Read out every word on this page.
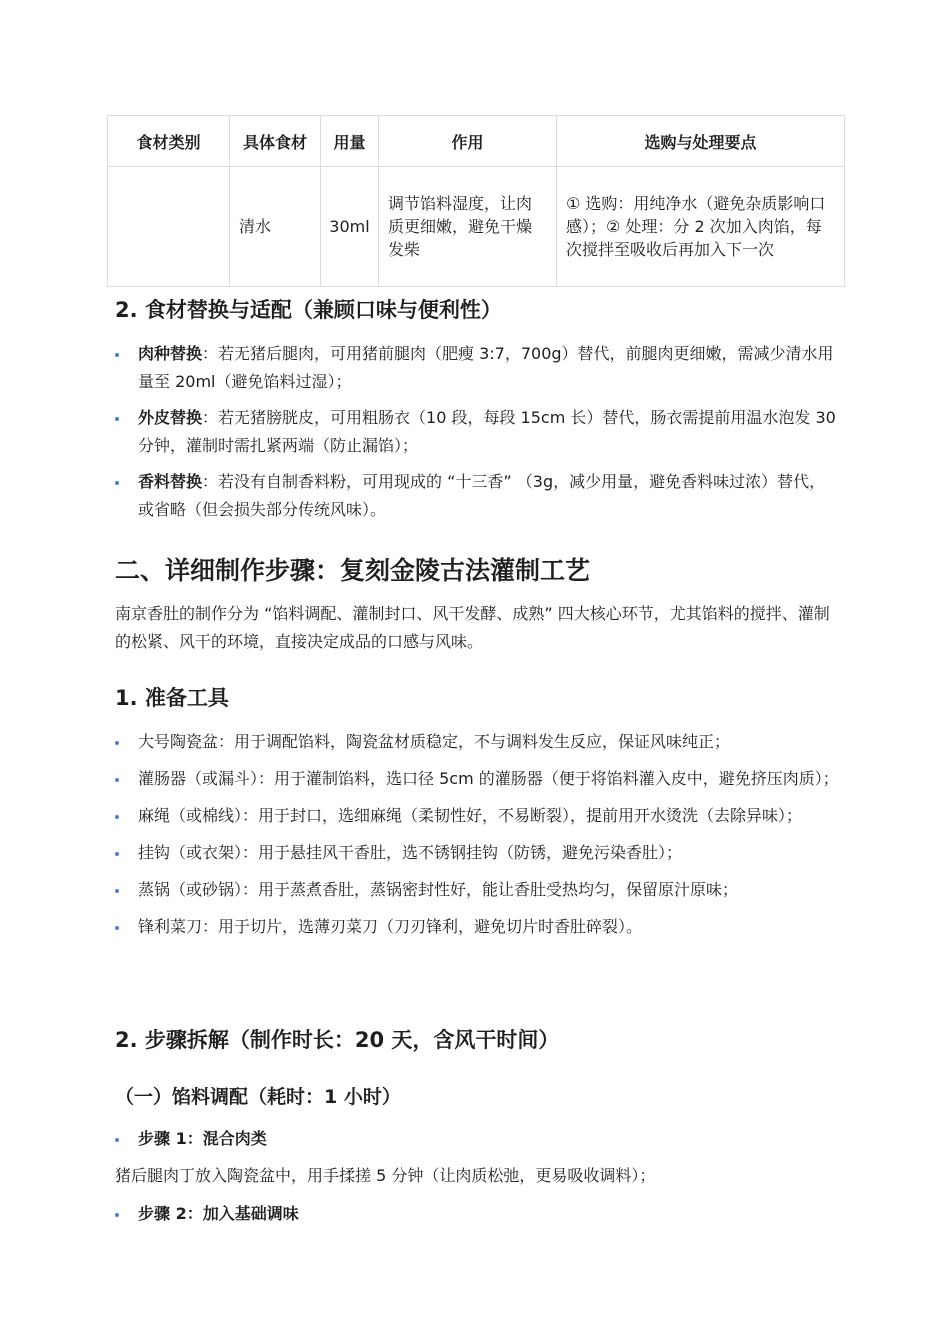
食材类别	具体食材	用量	作用	选购与处理要点
	清水	30ml	调节馅料湿度，让肉质更细嫩，避免干燥发柴	① 选购：用纯净水（避免杂质影响口感）；② 处理：分 2 次加入肉馅，每次搅拌至吸收后再加入下一次
2. 食材替换与适配（兼顾口味与便利性）
肉种替换：若无猪后腿肉，可用猪前腿肉（肥瘦 3:7，700g）替代，前腿肉更细嫩，需减少清水用量至 20ml（避免馅料过湿）；
外皮替换：若无猪膀胱皮，可用粗肠衣（10 段，每段 15cm 长）替代，肠衣需提前用温水泡发 30 分钟，灌制时需扎紧两端（防止漏馅）；
香料替换：若没有自制香料粉，可用现成的 “十三香” （3g，减少用量，避免香料味过浓）替代，或省略（但会损失部分传统风味）。
二、详细制作步骤：复刻金陵古法灌制工艺

南京香肚的制作分为 “馅料调配、灌制封口、风干发酵、成熟” 四大核心环节，尤其馅料的搅拌、灌制的松紧、风干的环境，直接决定成品的口感与风味。

1. 准备工具
大号陶瓷盆：用于调配馅料，陶瓷盆材质稳定，不与调料发生反应，保证风味纯正；
灌肠器（或漏斗）：用于灌制馅料，选口径 5cm 的灌肠器（便于将馅料灌入皮中，避免挤压肉质）；
麻绳（或棉线）：用于封口，选细麻绳（柔韧性好，不易断裂），提前用开水烫洗（去除异味）；
挂钩（或衣架）：用于悬挂风干香肚，选不锈钢挂钩（防锈，避免污染香肚）；
蒸锅（或砂锅）：用于蒸煮香肚，蒸锅密封性好，能让香肚受热均匀，保留原汁原味；
锋利菜刀：用于切片，选薄刃菜刀（刀刃锋利，避免切片时香肚碎裂）。
2. 步骤拆解（制作时长：20 天，含风干时间）
（一）馅料调配（耗时：1 小时）
步骤 1：混合肉类

猪后腿肉丁放入陶瓷盆中，用手揉搓 5 分钟（让肉质松弛，更易吸收调料）；

步骤 2：加入基础调味
